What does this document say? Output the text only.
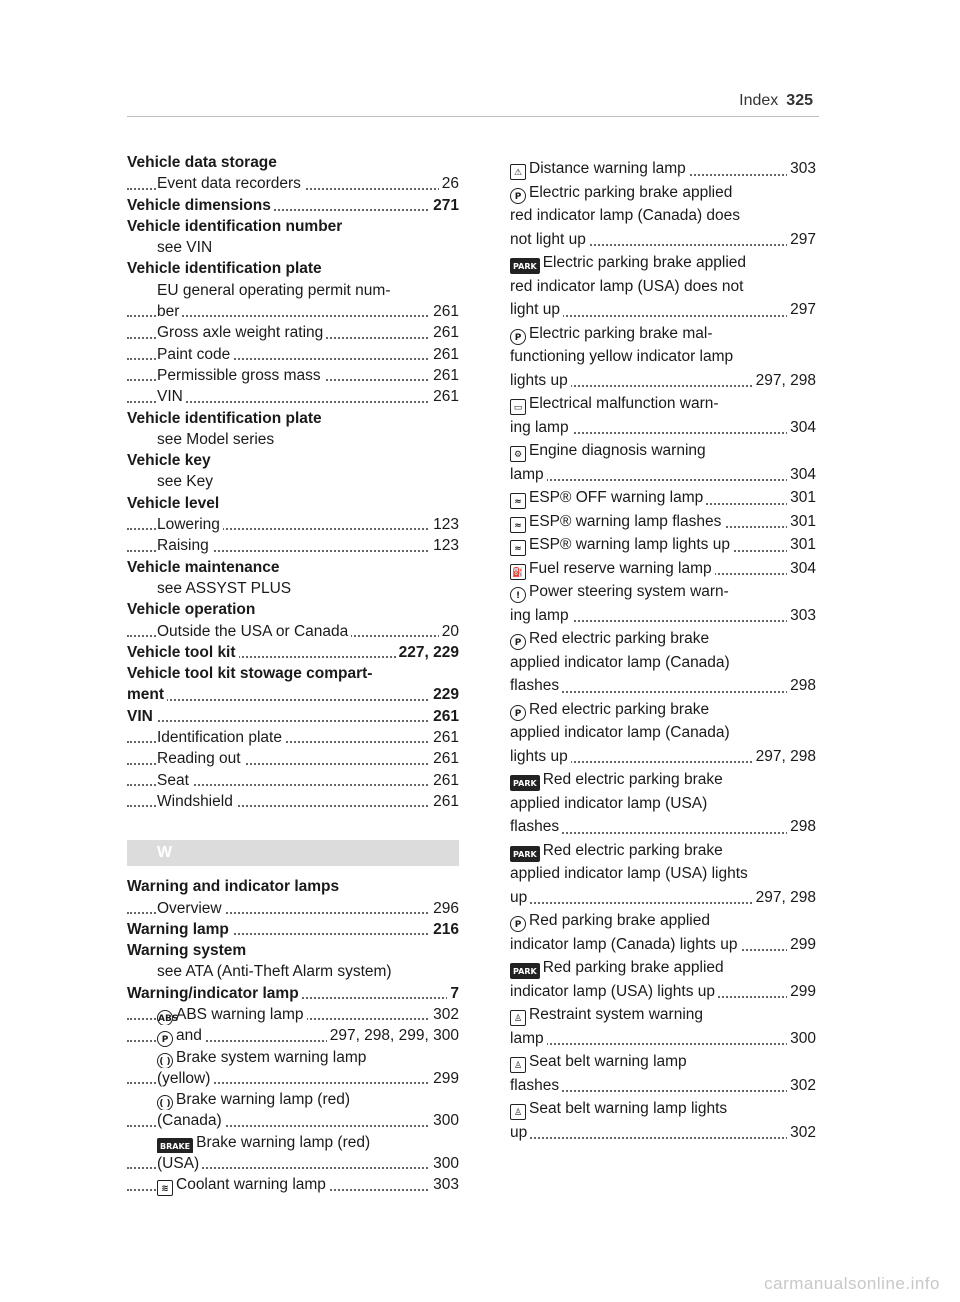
Index 325
Vehicle data storage
Event data recorders	26
Vehicle dimensions	271
Vehicle identification number
see VIN
Vehicle identification plate
EU general operating permit num-
ber	261
Gross axle weight rating	261
Paint code	261
Permissible gross mass	261
VIN	261
Vehicle identification plate
see Model series
Vehicle key
see Key
Vehicle level
Lowering	123
Raising	123
Vehicle maintenance
see ASSYST PLUS
Vehicle operation
Outside the USA or Canada	20
Vehicle tool kit	227, 229
Vehicle tool kit stowage compart-
ment	229
VIN	261
Identification plate	261
Reading out	261
Seat	261
Windshield	261
W
Warning and indicator lamps
Overview	296
Warning lamp	216
Warning system
see ATA (Anti-Theft Alarm system)
Warning/indicator lamp	7
ABSABS warning lamp	302
P and	297, 298, 299, 300
( ) Brake system warning lamp
(yellow)	299
( ) Brake warning lamp (red)
(Canada)	300
BRAKE Brake warning lamp (red)
(USA)	300
≋ Coolant warning lamp	303
⚠ Distance warning lamp	303
P Electric parking brake applied
red indicator lamp (Canada) does
not light up	297
PARK Electric parking brake applied
red indicator lamp (USA) does not
light up	297
P Electric parking brake mal-
functioning yellow indicator lamp
lights up	297, 298
▭ Electrical malfunction warn-
ing lamp	304
⚙ Engine diagnosis warning
lamp	304
≈ ESP® OFF warning lamp	301
≈ ESP® warning lamp flashes	301
≈ ESP® warning lamp lights up	301
⛽ Fuel reserve warning lamp	304
! Power steering system warn-
ing lamp	303
P Red electric parking brake
applied indicator lamp (Canada)
flashes	298
P Red electric parking brake
applied indicator lamp (Canada)
lights up	297, 298
PARK Red electric parking brake
applied indicator lamp (USA)
flashes	298
PARK Red electric parking brake
applied indicator lamp (USA) lights
up	297, 298
P Red parking brake applied
indicator lamp (Canada) lights up	299
PARK Red parking brake applied
indicator lamp (USA) lights up	299
♙ Restraint system warning
lamp	300
♙ Seat belt warning lamp
flashes	302
♙ Seat belt warning lamp lights
up	302
carmanualsonline.info
